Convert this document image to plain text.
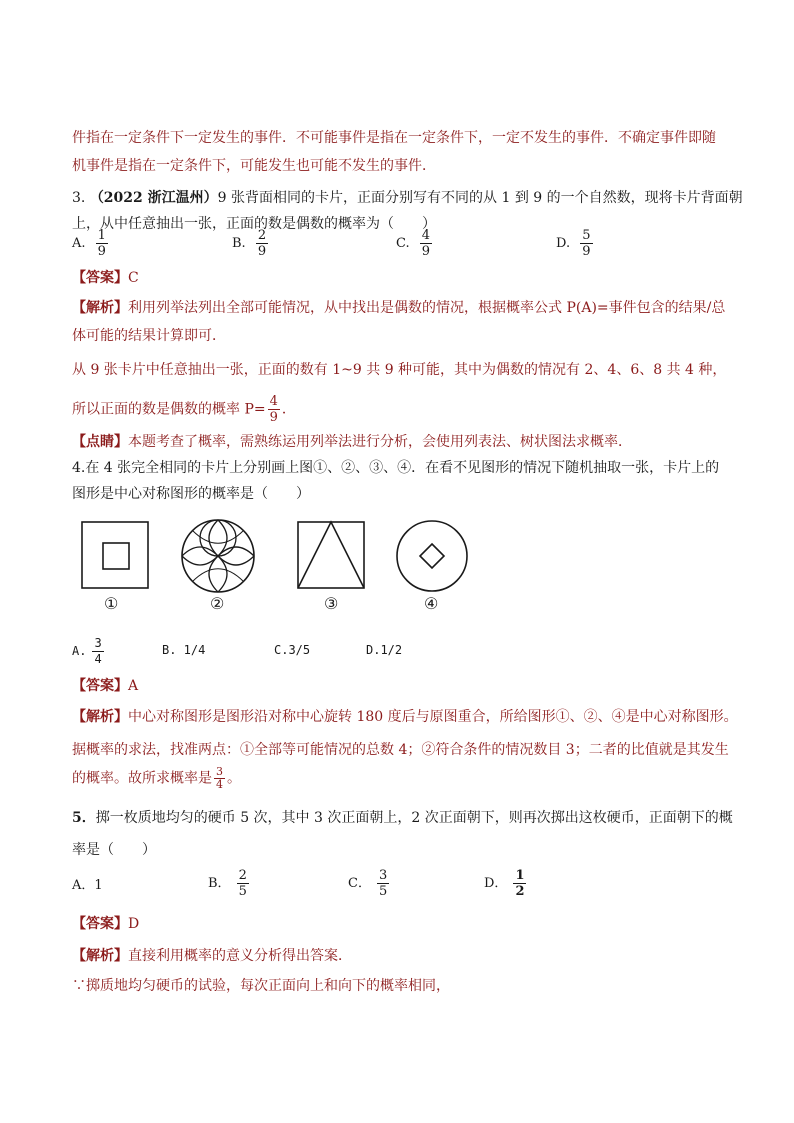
件指在一定条件下一定发生的事件．不可能事件是指在一定条件下，一定不发生的事件．不确定事件即随
机事件是指在一定条件下，可能发生也可能不发生的事件．
3. （2022 浙江温州）9 张背面相同的卡片，正面分别写有不同的从 1 到 9 的一个自然数，现将卡片背面朝
上，从中任意抽出一张，正面的数是偶数的概率为（　　）
A. $\frac{1}{9}$	B. $\frac{2}{9}$	C. $\frac{4}{9}$	D. $\frac{5}{9}$
【答案】C
【解析】利用列举法列出全部可能情况，从中找出是偶数的情况，根据概率公式 P(A)=事件包含的结果/总
体可能的结果计算即可．
从 9 张卡片中任意抽出一张，正面的数有 1~9 共 9 种可能，其中为偶数的情况有 2、4、6、8 共 4 种，
所以正面的数是偶数的概率 $P= \frac{4}{9}$ ．
【点睛】本题考查了概率，需熟练运用列举法进行分析，会使用列表法、树状图法求概率．
4.在 4 张完全相同的卡片上分别画上图①、②、③、④．在看不见图形的情况下随机抽取一张，卡片上的
图形是中心对称图形的概率是（　　）
①	②	③	④
A. $\frac{3}{4}$	B. 1/4	C.3/5	D.1/2
【答案】A
【解析】中心对称图形是图形沿对称中心旋转 180 度后与原图重合，所给图形①、②、④是中心对称图形。
据概率的求法，找准两点：①全部等可能情况的总数 4；②符合条件的情况数目 3；二者的比值就是其发生
的概率。故所求概率是 $\frac{3}{4}$ 。
5．掷一枚质地均匀的硬币 5 次，其中 3 次正面朝上，2 次正面朝下，则再次掷出这枚硬币，正面朝下的概
率是（　　）
A．1	B． $\frac{2}{5}$	C． $\frac{3}{5}$	D． $\frac{1}{2}$
【答案】D
【解析】直接利用概率的意义分析得出答案．
∵掷质地均匀硬币的试验，每次正面向上和向下的概率相同，
